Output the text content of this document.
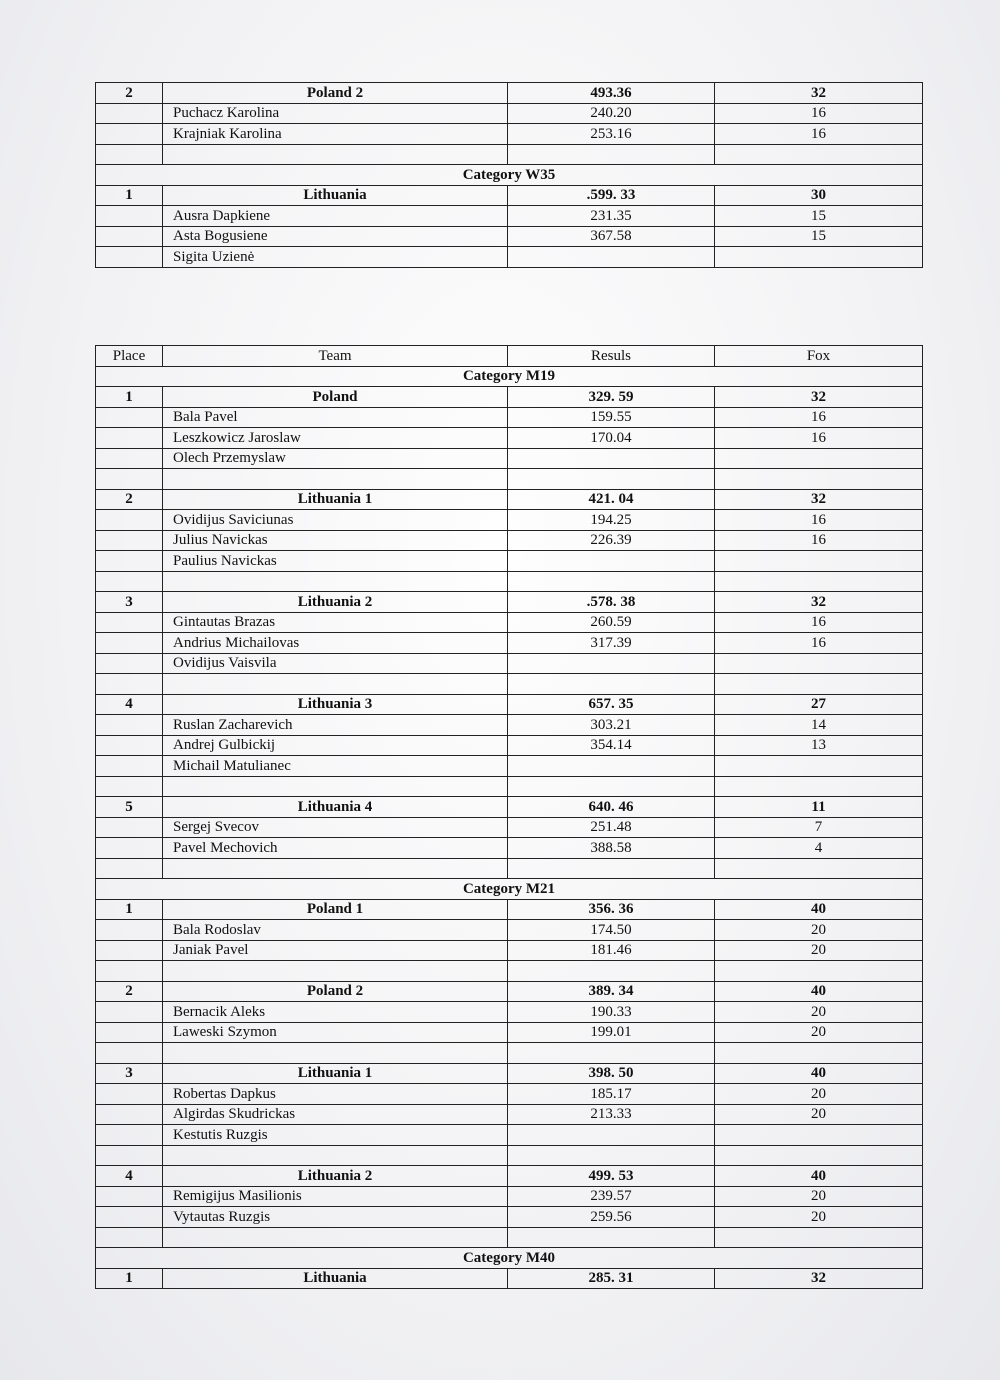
2	Poland 2	493.36	32
	Puchacz Karolina	240.20	16
	Krajniak Karolina	253.16	16

Category W35			
1	Lithuania	.599. 33	30
	Ausra Dapkiene	231.35	15
	Asta Bogusiene	367.58	15
	Sigita Uzienė		
Place	Team	Resuls	Fox
Category M19			
1	Poland	329. 59	32
	Bala Pavel	159.55	16
	Leszkowicz Jaroslaw	170.04	16
	Olech Przemyslaw		

2	Lithuania 1	421. 04	32
	Ovidijus Saviciunas	194.25	16
	Julius Navickas	226.39	16
	Paulius Navickas		

3	Lithuania 2	.578. 38	32
	Gintautas Brazas	260.59	16
	Andrius Michailovas	317.39	16
	Ovidijus Vaisvila		

4	Lithuania 3	657. 35	27
	Ruslan Zacharevich	303.21	14
	Andrej Gulbickij	354.14	13
	Michail Matulianec		

5	Lithuania 4	640. 46	11
	Sergej Svecov	251.48	7
	Pavel Mechovich	388.58	4

Category M21			
1	Poland 1	356. 36	40
	Bala Rodoslav	174.50	20
	Janiak Pavel	181.46	20

2	Poland 2	389. 34	40
	Bernacik Aleks	190.33	20
	Laweski Szymon	199.01	20

3	Lithuania 1	398. 50	40
	Robertas Dapkus	185.17	20
	Algirdas Skudrickas	213.33	20
	Kestutis Ruzgis		

4	Lithuania 2	499. 53	40
	Remigijus Masilionis	239.57	20
	Vytautas Ruzgis	259.56	20

Category M40			
1	Lithuania	285. 31	32
